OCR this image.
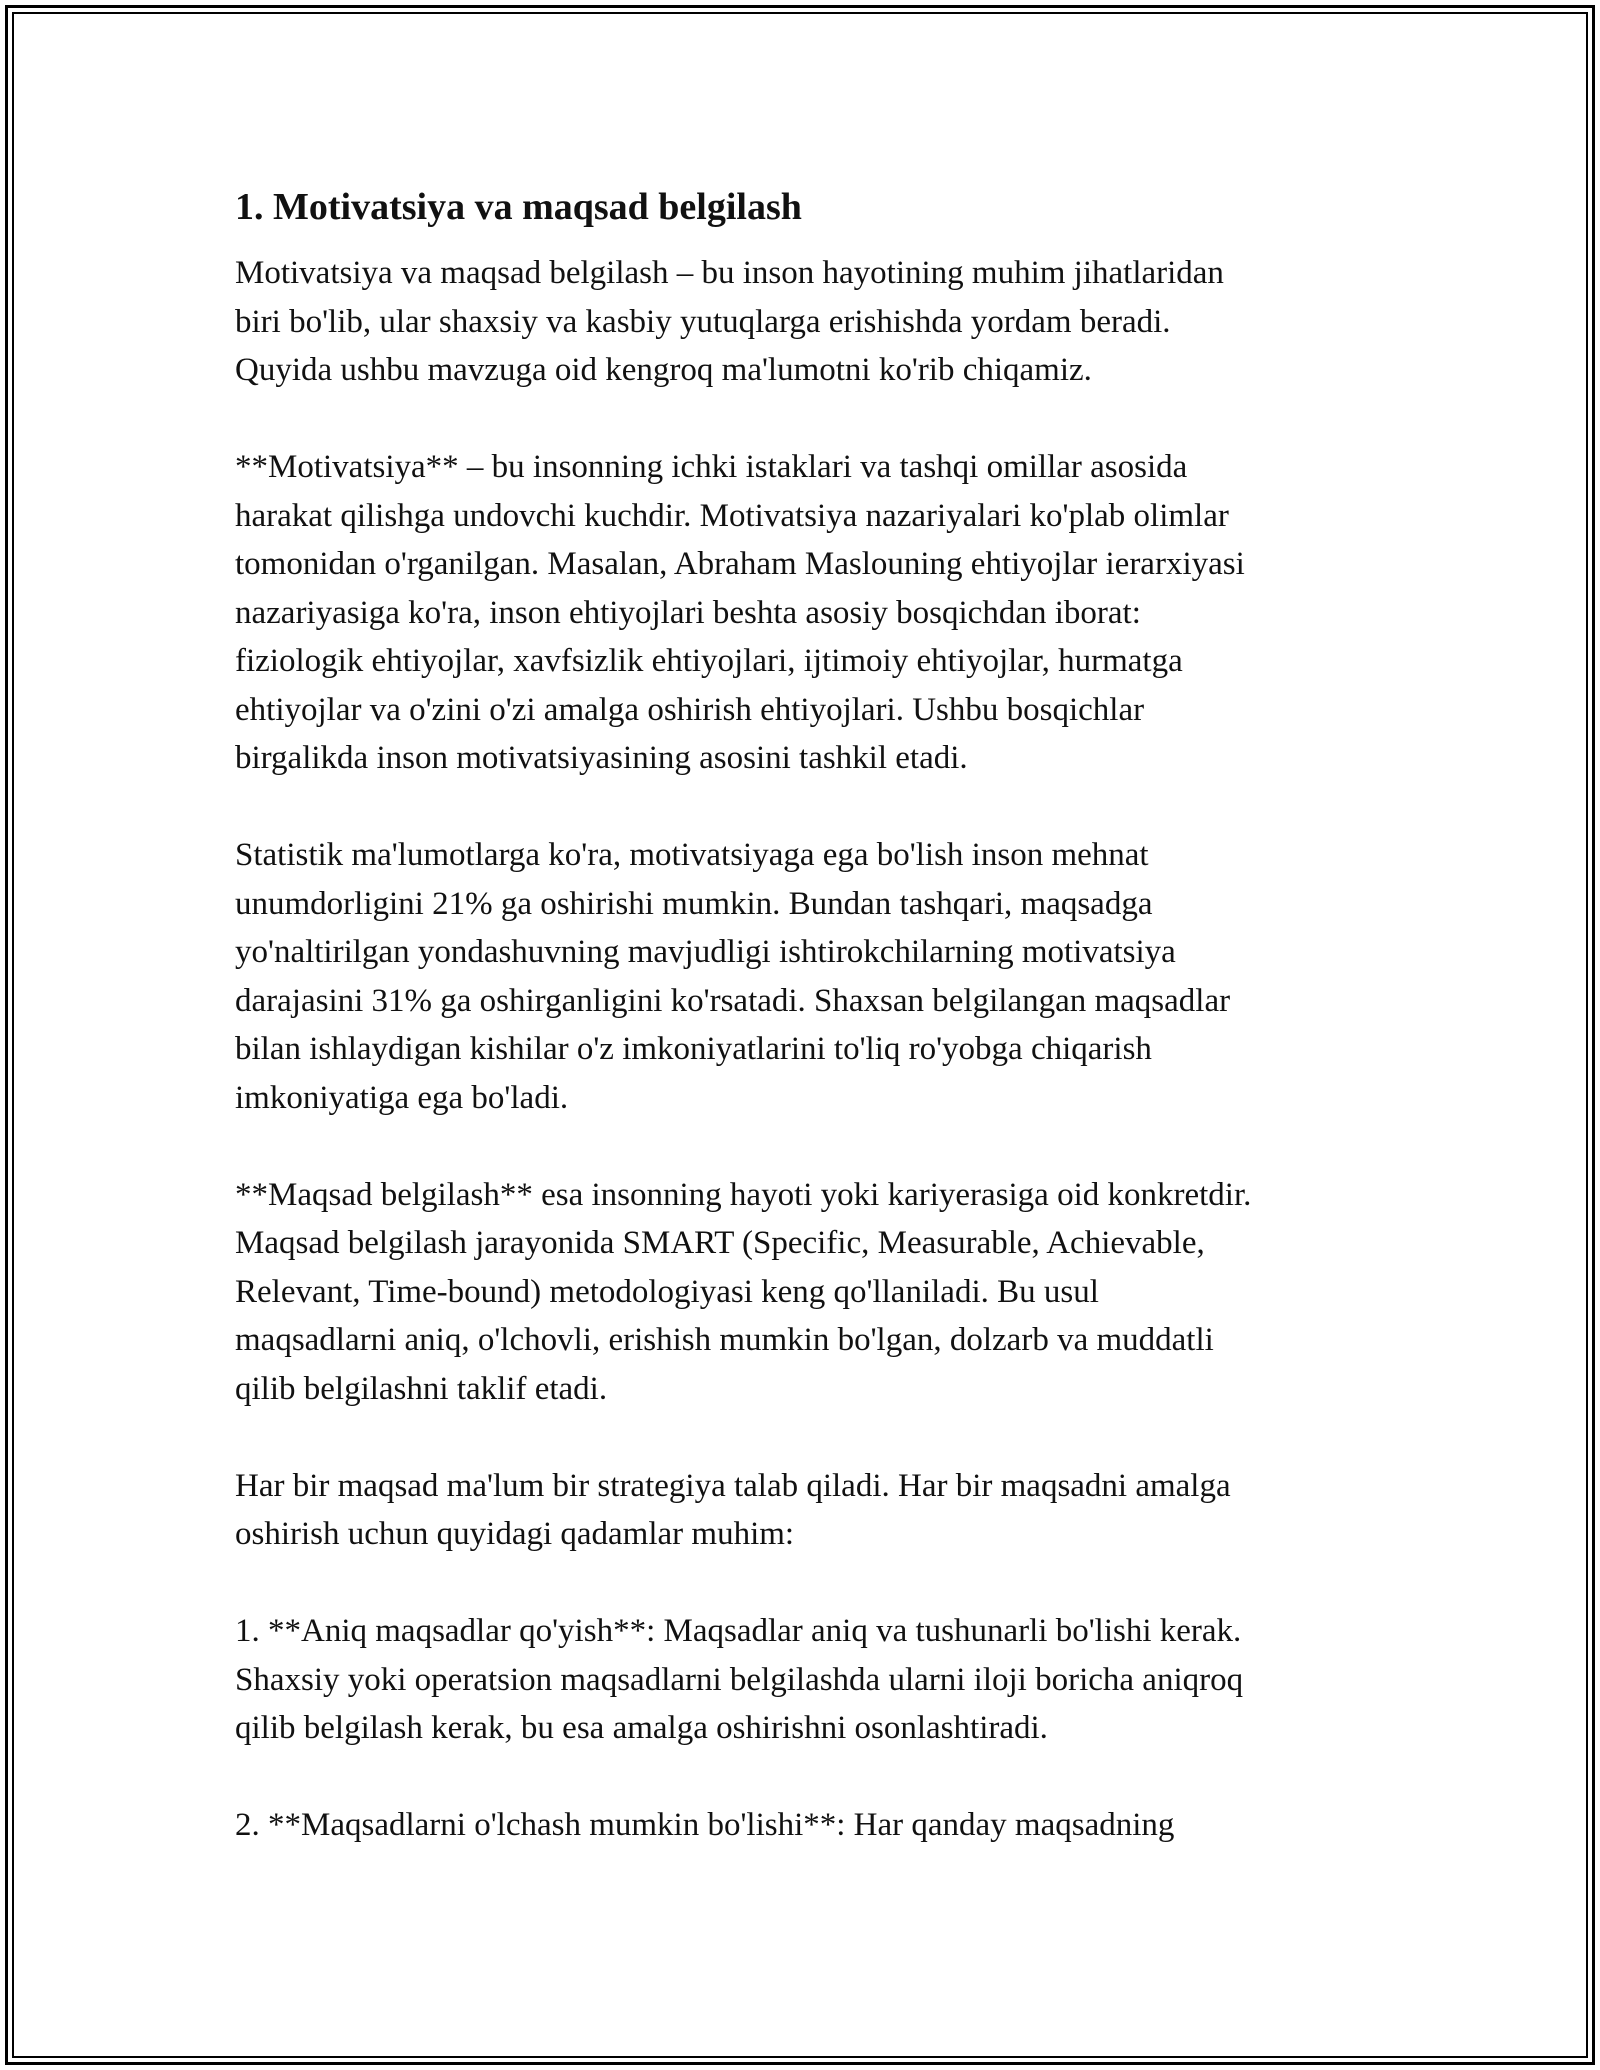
1. Motivatsiya va maqsad belgilash

Motivatsiya va maqsad belgilash – bu inson hayotining muhim jihatlaridan
biri bo'lib, ular shaxsiy va kasbiy yutuqlarga erishishda yordam beradi.
Quyida ushbu mavzuga oid kengroq ma'lumotni ko'rib chiqamiz.

**Motivatsiya** – bu insonning ichki istaklari va tashqi omillar asosida
harakat qilishga undovchi kuchdir. Motivatsiya nazariyalari ko'plab olimlar
tomonidan o'rganilgan. Masalan, Abraham Maslouning ehtiyojlar ierarxiyasi
nazariyasiga ko'ra, inson ehtiyojlari beshta asosiy bosqichdan iborat:
fiziologik ehtiyojlar, xavfsizlik ehtiyojlari, ijtimoiy ehtiyojlar, hurmatga
ehtiyojlar va o'zini o'zi amalga oshirish ehtiyojlari. Ushbu bosqichlar
birgalikda inson motivatsiyasining asosini tashkil etadi.

Statistik ma'lumotlarga ko'ra, motivatsiyaga ega bo'lish inson mehnat
unumdorligini 21% ga oshirishi mumkin. Bundan tashqari, maqsadga
yo'naltirilgan yondashuvning mavjudligi ishtirokchilarning motivatsiya
darajasini 31% ga oshirganligini ko'rsatadi. Shaxsan belgilangan maqsadlar
bilan ishlaydigan kishilar o'z imkoniyatlarini to'liq ro'yobga chiqarish
imkoniyatiga ega bo'ladi.

**Maqsad belgilash** esa insonning hayoti yoki kariyerasiga oid konkretdir.
Maqsad belgilash jarayonida SMART (Specific, Measurable, Achievable,
Relevant, Time-bound) metodologiyasi keng qo'llaniladi. Bu usul
maqsadlarni aniq, o'lchovli, erishish mumkin bo'lgan, dolzarb va muddatli
qilib belgilashni taklif etadi.

Har bir maqsad ma'lum bir strategiya talab qiladi. Har bir maqsadni amalga
oshirish uchun quyidagi qadamlar muhim:

1. **Aniq maqsadlar qo'yish**: Maqsadlar aniq va tushunarli bo'lishi kerak.
Shaxsiy yoki operatsion maqsadlarni belgilashda ularni iloji boricha aniqroq
qilib belgilash kerak, bu esa amalga oshirishni osonlashtiradi.

2. **Maqsadlarni o'lchash mumkin bo'lishi**: Har qanday maqsadning
